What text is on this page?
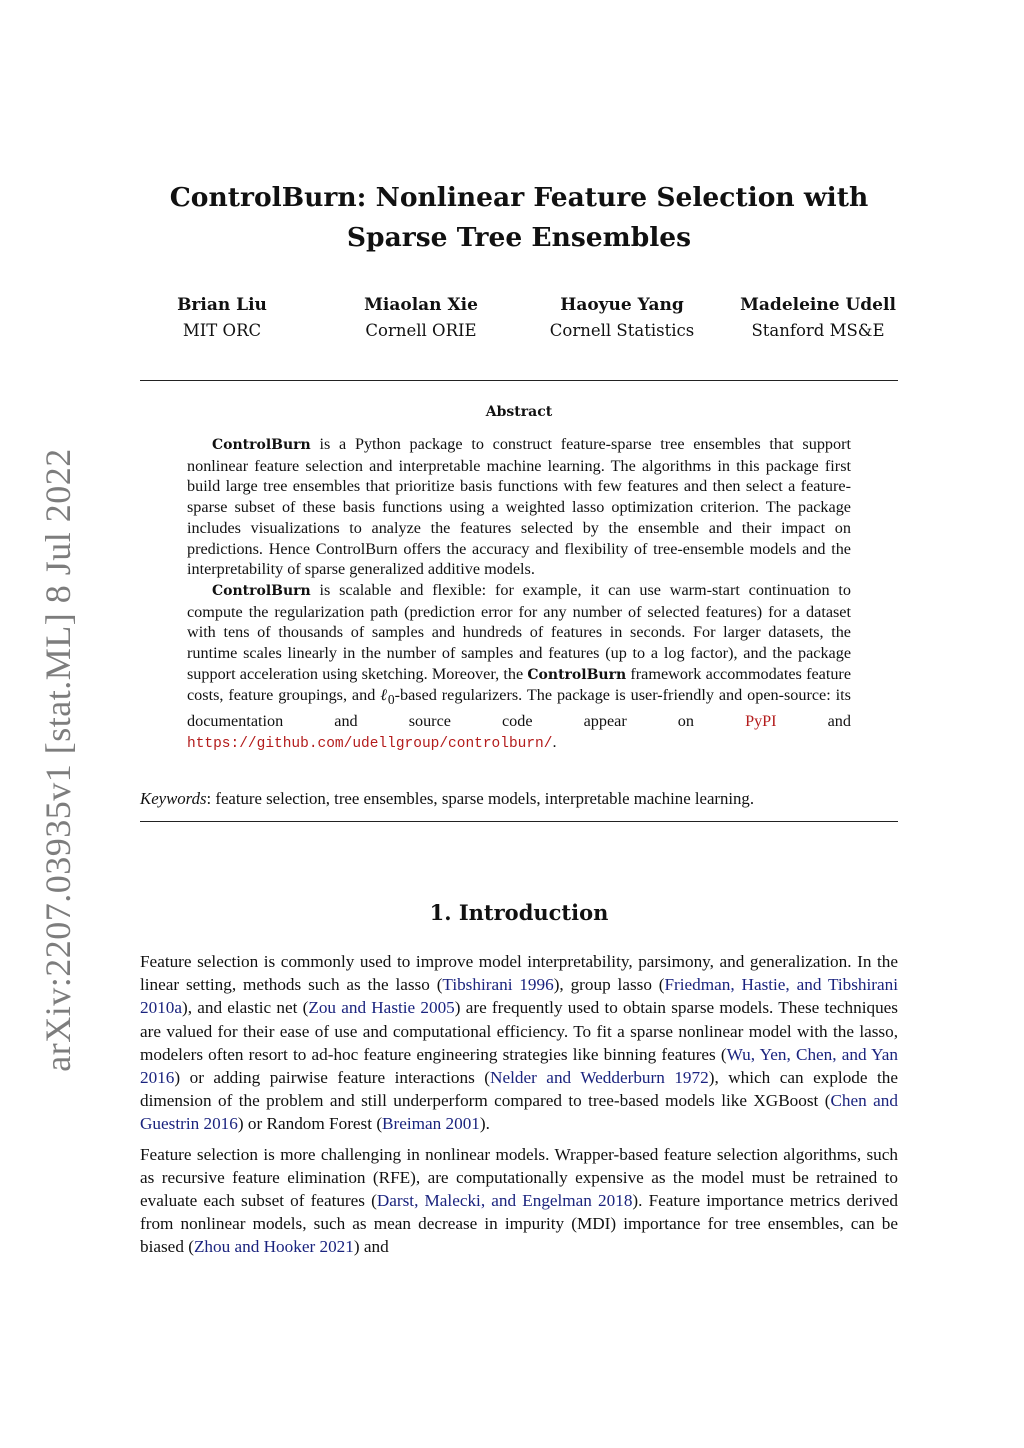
arXiv:2207.03935v1 [stat.ML] 8 Jul 2022
ControlBurn: Nonlinear Feature Selection with Sparse Tree Ensembles
Brian Liu
MIT ORC
Miaolan Xie
Cornell ORIE
Haoyue Yang
Cornell Statistics
Madeleine Udell
Stanford MS&E
Abstract

ControlBurn is a Python package to construct feature-sparse tree ensembles that support nonlinear feature selection and interpretable machine learning. The algorithms in this package first build large tree ensembles that prioritize basis functions with few features and then select a feature-sparse subset of these basis functions using a weighted lasso optimization criterion. The package includes visualizations to analyze the features selected by the ensemble and their impact on predictions. Hence ControlBurn offers the accuracy and flexibility of tree-ensemble models and the interpretability of sparse generalized additive models.

ControlBurn is scalable and flexible: for example, it can use warm-start continuation to compute the regularization path (prediction error for any number of selected features) for a dataset with tens of thousands of samples and hundreds of features in seconds. For larger datasets, the runtime scales linearly in the number of samples and features (up to a log factor), and the package support acceleration using sketching. Moreover, the ControlBurn framework accommodates feature costs, feature groupings, and ℓ$_0$-based regularizers. The package is user-friendly and open-source: its documentation and source code appear on PyPI and https://github.com/udellgroup/controlburn/.

Keywords: feature selection, tree ensembles, sparse models, interpretable machine learning.
1. Introduction

Feature selection is commonly used to improve model interpretability, parsimony, and generalization. In the linear setting, methods such as the lasso (Tibshirani 1996), group lasso (Friedman, Hastie, and Tibshirani 2010a), and elastic net (Zou and Hastie 2005) are frequently used to obtain sparse models. These techniques are valued for their ease of use and computational efficiency. To fit a sparse nonlinear model with the lasso, modelers often resort to ad-hoc feature engineering strategies like binning features (Wu, Yen, Chen, and Yan 2016) or adding pairwise feature interactions (Nelder and Wedderburn 1972), which can explode the dimension of the problem and still underperform compared to tree-based models like XGBoost (Chen and Guestrin 2016) or Random Forest (Breiman 2001).

Feature selection is more challenging in nonlinear models. Wrapper-based feature selection algorithms, such as recursive feature elimination (RFE), are computationally expensive as the model must be retrained to evaluate each subset of features (Darst, Malecki, and Engelman 2018). Feature importance metrics derived from nonlinear models, such as mean decrease in impurity (MDI) importance for tree ensembles, can be biased (Zhou and Hooker 2021) and
